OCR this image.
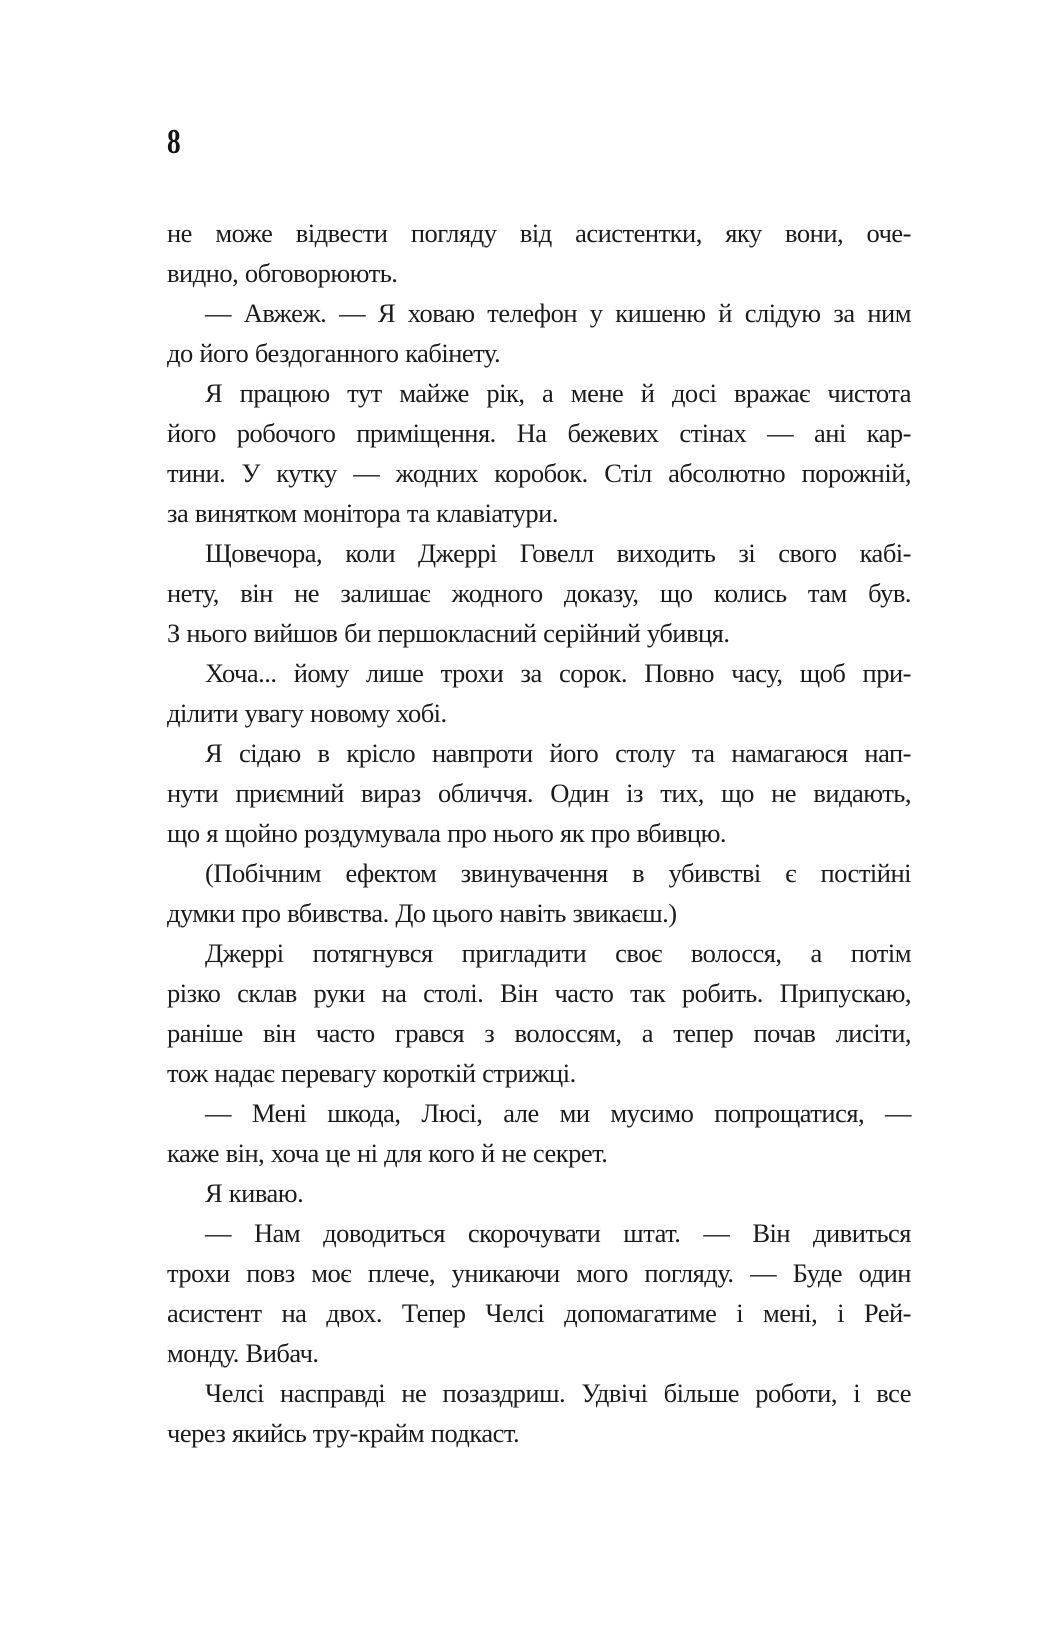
8
не може відвести погляду від асистентки, яку вони, оче-
видно, обговорюють.
— Авжеж. — Я ховаю телефон у кишеню й слідую за ним
до його бездоганного кабінету.
Я працюю тут майже рік, а мене й досі вражає чистота
його робочого приміщення. На бежевих стінах — ані кар-
тини. У кутку — жодних коробок. Стіл абсолютно порожній,
за винятком монітора та клавіатури.
Щовечора, коли Джеррі Говелл виходить зі свого кабі-
нету, він не залишає жодного доказу, що колись там був.
З нього вийшов би першокласний серійний убивця.
Хоча... йому лише трохи за сорок. Повно часу, щоб при-
ділити увагу новому хобі.
Я сідаю в крісло навпроти його столу та намагаюся нап-
нути приємний вираз обличчя. Один із тих, що не видають,
що я щойно роздумувала про нього як про вбивцю.
(Побічним ефектом звинувачення в убивстві є постійні
думки про вбивства. До цього навіть звикаєш.)
Джеррі потягнувся пригладити своє волосся, а потім
різко склав руки на столі. Він часто так робить. Припускаю,
раніше він часто грався з волоссям, а тепер почав лисіти,
тож надає перевагу короткій стрижці.
— Мені шкода, Люсі, але ми мусимо попрощатися, —
каже він, хоча це ні для кого й не секрет.
Я киваю.
— Нам доводиться скорочувати штат. — Він дивиться
трохи повз моє плече, уникаючи мого погляду. — Буде один
асистент на двох. Тепер Челсі допомагатиме і мені, і Рей-
монду. Вибач.
Челсі насправді не позаздриш. Удвічі більше роботи, і все
через якийсь тру-крайм подкаст.
